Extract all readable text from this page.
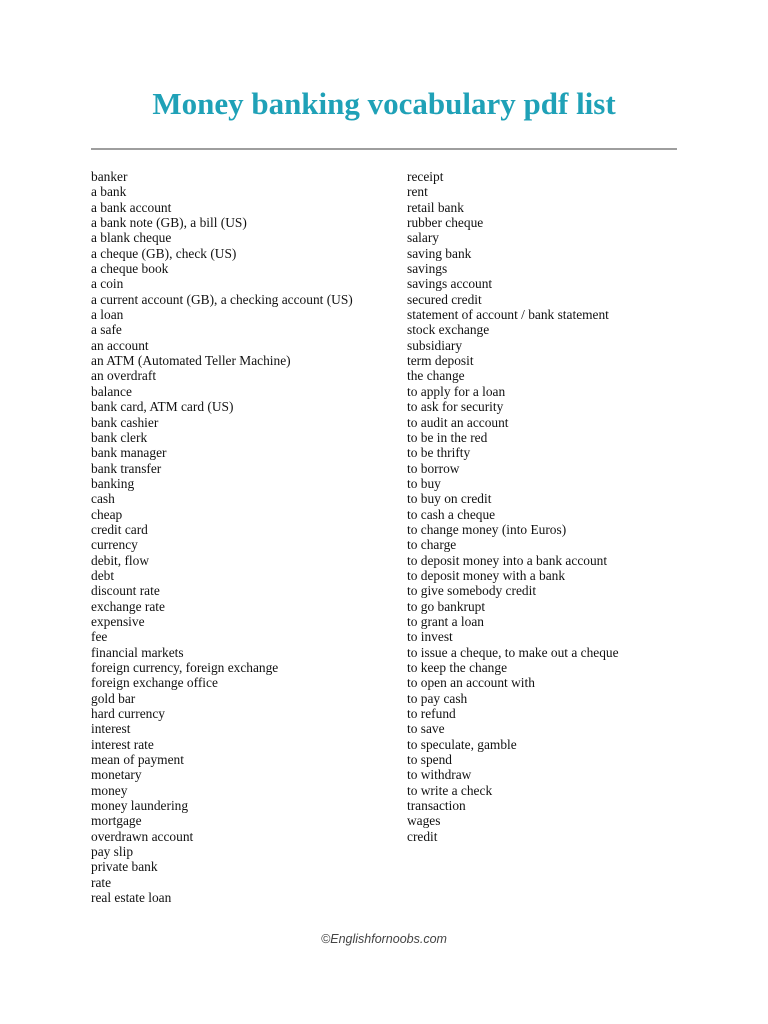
Money banking vocabulary pdf list
banker
a bank
a bank account
a bank note (GB), a bill (US)
a blank cheque
a cheque (GB), check (US)
a cheque book
a coin
a current account (GB), a checking account (US)
a loan
a safe
an account
an ATM (Automated Teller Machine)
an overdraft
balance
bank card, ATM card (US)
bank cashier
bank clerk
bank manager
bank transfer
banking
cash
cheap
credit card
currency
debit, flow
debt
discount rate
exchange rate
expensive
fee
financial markets
foreign currency, foreign exchange
foreign exchange office
gold bar
hard currency
interest
interest rate
mean of payment
monetary
money
money laundering
mortgage
overdrawn account
pay slip
private bank
rate
real estate loan
receipt
rent
retail bank
rubber cheque
salary
saving bank
savings
savings account
secured credit
statement of account / bank statement
stock exchange
subsidiary
term deposit
the change
to apply for a loan
to ask for security
to audit an account
to be in the red
to be thrifty
to borrow
to buy
to buy on credit
to cash a cheque
to change money (into Euros)
to charge
to deposit money into a bank account
to deposit money with a bank
to give somebody credit
to go bankrupt
to grant a loan
to invest
to issue a cheque, to make out a cheque
to keep the change
to open an account with
to pay cash
to refund
to save
to speculate, gamble
to spend
to withdraw
to write a check
transaction
wages
credit
©Englishfornoobs.com
